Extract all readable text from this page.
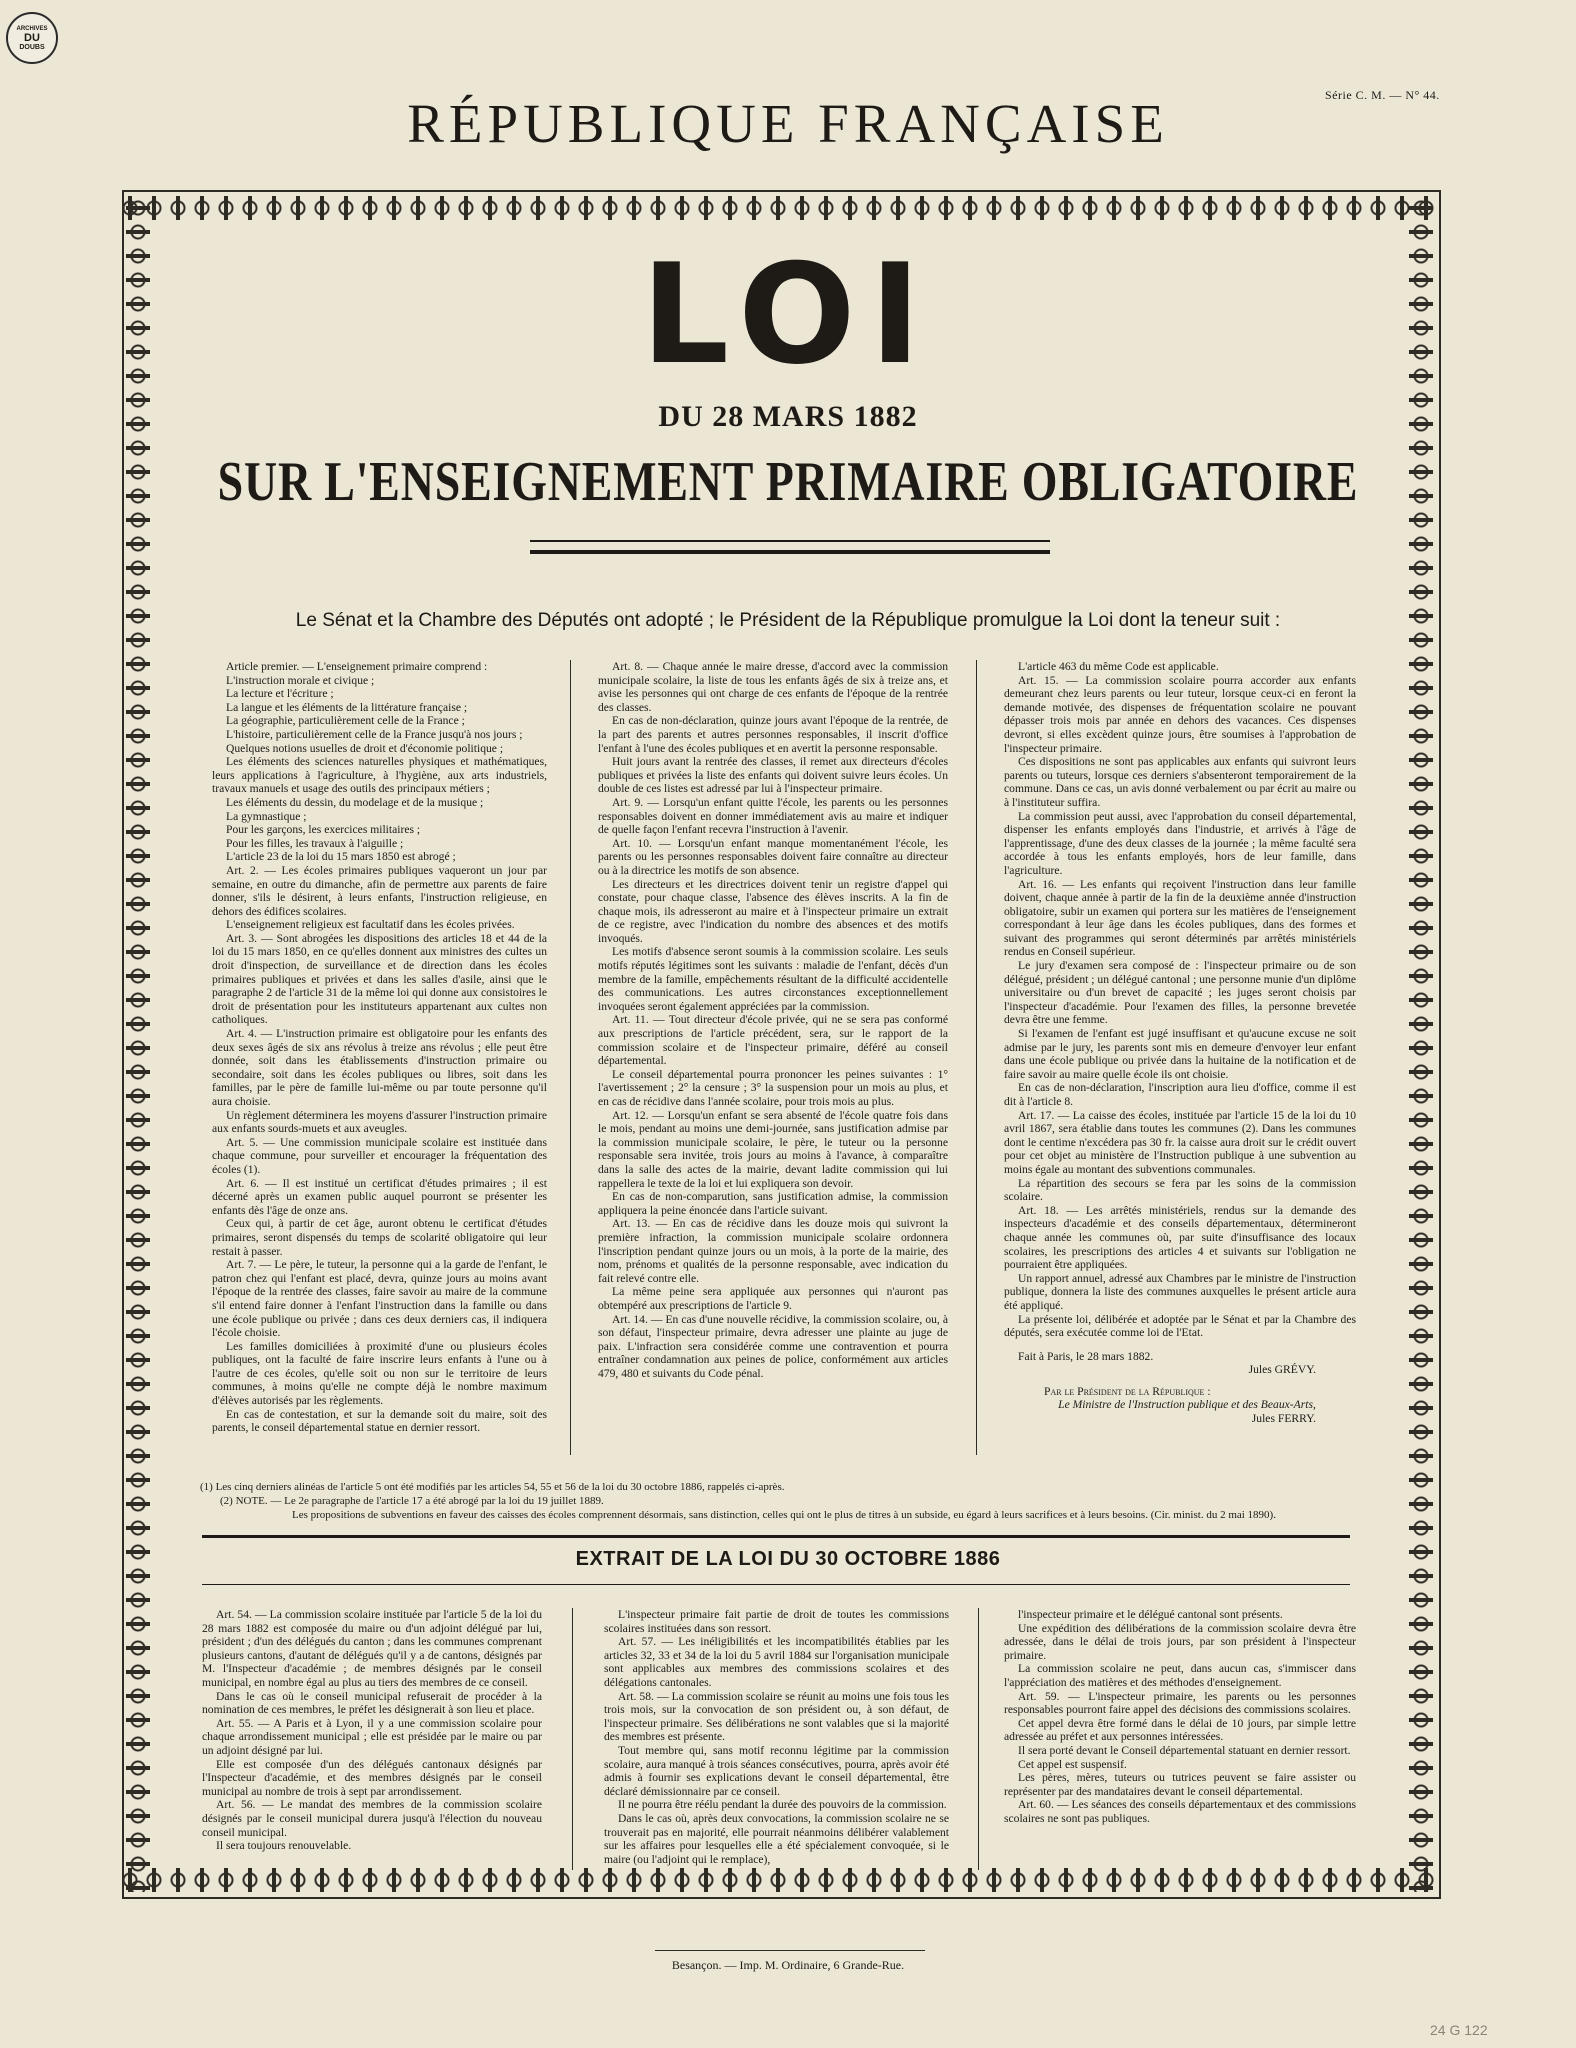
ARCHIVES
DU
DOUBS
Série C. M. — N° 44.
RÉPUBLIQUE FRANÇAISE
LOI
DU 28 MARS 1882
SUR L'ENSEIGNEMENT PRIMAIRE OBLIGATOIRE
Le Sénat et la Chambre des Députés ont adopté ; le Président de la République promulgue la Loi dont la teneur suit :

Article premier. — L'enseignement primaire comprend :

L'instruction morale et civique ;

La lecture et l'écriture ;

La langue et les éléments de la littérature française ;

La géographie, particulièrement celle de la France ;

L'histoire, particulièrement celle de la France jusqu'à nos jours ;

Quelques notions usuelles de droit et d'économie politique ;

Les éléments des sciences naturelles physiques et mathématiques, leurs applications à l'agriculture, à l'hygiène, aux arts industriels, travaux manuels et usage des outils des principaux métiers ;

Les éléments du dessin, du modelage et de la musique ;

La gymnastique ;

Pour les garçons, les exercices militaires ;

Pour les filles, les travaux à l'aiguille ;

L'article 23 de la loi du 15 mars 1850 est abrogé ;

Art. 2. — Les écoles primaires publiques vaqueront un jour par semaine, en outre du dimanche, afin de permettre aux parents de faire donner, s'ils le désirent, à leurs enfants, l'instruction religieuse, en dehors des édifices scolaires.

L'enseignement religieux est facultatif dans les écoles privées.

Art. 3. — Sont abrogées les dispositions des articles 18 et 44 de la loi du 15 mars 1850, en ce qu'elles donnent aux ministres des cultes un droit d'inspection, de surveillance et de direction dans les écoles primaires publiques et privées et dans les salles d'asile, ainsi que le paragraphe 2 de l'article 31 de la même loi qui donne aux consistoires le droit de présentation pour les instituteurs appartenant aux cultes non catholiques.

Art. 4. — L'instruction primaire est obligatoire pour les enfants des deux sexes âgés de six ans révolus à treize ans révolus ; elle peut être donnée, soit dans les établissements d'instruction primaire ou secondaire, soit dans les écoles publiques ou libres, soit dans les familles, par le père de famille lui-même ou par toute personne qu'il aura choisie.

Un règlement déterminera les moyens d'assurer l'instruction primaire aux enfants sourds-muets et aux aveugles.

Art. 5. — Une commission municipale scolaire est instituée dans chaque commune, pour surveiller et encourager la fréquentation des écoles (1).

Art. 6. — Il est institué un certificat d'études primaires ; il est décerné après un examen public auquel pourront se présenter les enfants dès l'âge de onze ans.

Ceux qui, à partir de cet âge, auront obtenu le certificat d'études primaires, seront dispensés du temps de scolarité obligatoire qui leur restait à passer.

Art. 7. — Le père, le tuteur, la personne qui a la garde de l'enfant, le patron chez qui l'enfant est placé, devra, quinze jours au moins avant l'époque de la rentrée des classes, faire savoir au maire de la commune s'il entend faire donner à l'enfant l'instruction dans la famille ou dans une école publique ou privée ; dans ces deux derniers cas, il indiquera l'école choisie.

Les familles domiciliées à proximité d'une ou plusieurs écoles publiques, ont la faculté de faire inscrire leurs enfants à l'une ou à l'autre de ces écoles, qu'elle soit ou non sur le territoire de leurs communes, à moins qu'elle ne compte déjà le nombre maximum d'élèves autorisés par les règlements.

En cas de contestation, et sur la demande soit du maire, soit des parents, le conseil départemental statue en dernier ressort.

Art. 8. — Chaque année le maire dresse, d'accord avec la commission municipale scolaire, la liste de tous les enfants âgés de six à treize ans, et avise les personnes qui ont charge de ces enfants de l'époque de la rentrée des classes.

En cas de non-déclaration, quinze jours avant l'époque de la rentrée, de la part des parents et autres personnes responsables, il inscrit d'office l'enfant à l'une des écoles publiques et en avertit la personne responsable.

Huit jours avant la rentrée des classes, il remet aux directeurs d'écoles publiques et privées la liste des enfants qui doivent suivre leurs écoles. Un double de ces listes est adressé par lui à l'inspecteur primaire.

Art. 9. — Lorsqu'un enfant quitte l'école, les parents ou les personnes responsables doivent en donner immédiatement avis au maire et indiquer de quelle façon l'enfant recevra l'instruction à l'avenir.

Art. 10. — Lorsqu'un enfant manque momentanément l'école, les parents ou les personnes responsables doivent faire connaître au directeur ou à la directrice les motifs de son absence.

Les directeurs et les directrices doivent tenir un registre d'appel qui constate, pour chaque classe, l'absence des élèves inscrits. A la fin de chaque mois, ils adresseront au maire et à l'inspecteur primaire un extrait de ce registre, avec l'indication du nombre des absences et des motifs invoqués.

Les motifs d'absence seront soumis à la commission scolaire. Les seuls motifs réputés légitimes sont les suivants : maladie de l'enfant, décès d'un membre de la famille, empêchements résultant de la difficulté accidentelle des communications. Les autres circonstances exceptionnellement invoquées seront également appréciées par la commission.

Art. 11. — Tout directeur d'école privée, qui ne se sera pas conformé aux prescriptions de l'article précédent, sera, sur le rapport de la commission scolaire et de l'inspecteur primaire, déféré au conseil départemental.

Le conseil départemental pourra prononcer les peines suivantes : 1° l'avertissement ; 2° la censure ; 3° la suspension pour un mois au plus, et en cas de récidive dans l'année scolaire, pour trois mois au plus.

Art. 12. — Lorsqu'un enfant se sera absenté de l'école quatre fois dans le mois, pendant au moins une demi-journée, sans justification admise par la commission municipale scolaire, le père, le tuteur ou la personne responsable sera invitée, trois jours au moins à l'avance, à comparaître dans la salle des actes de la mairie, devant ladite commission qui lui rappellera le texte de la loi et lui expliquera son devoir.

En cas de non-comparution, sans justification admise, la commission appliquera la peine énoncée dans l'article suivant.

Art. 13. — En cas de récidive dans les douze mois qui suivront la première infraction, la commission municipale scolaire ordonnera l'inscription pendant quinze jours ou un mois, à la porte de la mairie, des nom, prénoms et qualités de la personne responsable, avec indication du fait relevé contre elle.

La même peine sera appliquée aux personnes qui n'auront pas obtempéré aux prescriptions de l'article 9.

Art. 14. — En cas d'une nouvelle récidive, la commission scolaire, ou, à son défaut, l'inspecteur primaire, devra adresser une plainte au juge de paix. L'infraction sera considérée comme une contravention et pourra entraîner condamnation aux peines de police, conformément aux articles 479, 480 et suivants du Code pénal.

L'article 463 du même Code est applicable.

Art. 15. — La commission scolaire pourra accorder aux enfants demeurant chez leurs parents ou leur tuteur, lorsque ceux-ci en feront la demande motivée, des dispenses de fréquentation scolaire ne pouvant dépasser trois mois par année en dehors des vacances. Ces dispenses devront, si elles excèdent quinze jours, être soumises à l'approbation de l'inspecteur primaire.

Ces dispositions ne sont pas applicables aux enfants qui suivront leurs parents ou tuteurs, lorsque ces derniers s'absenteront temporairement de la commune. Dans ce cas, un avis donné verbalement ou par écrit au maire ou à l'instituteur suffira.

La commission peut aussi, avec l'approbation du conseil départemental, dispenser les enfants employés dans l'industrie, et arrivés à l'âge de l'apprentissage, d'une des deux classes de la journée ; la même faculté sera accordée à tous les enfants employés, hors de leur famille, dans l'agriculture.

Art. 16. — Les enfants qui reçoivent l'instruction dans leur famille doivent, chaque année à partir de la fin de la deuxième année d'instruction obligatoire, subir un examen qui portera sur les matières de l'enseignement correspondant à leur âge dans les écoles publiques, dans des formes et suivant des programmes qui seront déterminés par arrêtés ministériels rendus en Conseil supérieur.

Le jury d'examen sera composé de : l'inspecteur primaire ou de son délégué, président ; un délégué cantonal ; une personne munie d'un diplôme universitaire ou d'un brevet de capacité ; les juges seront choisis par l'inspecteur d'académie. Pour l'examen des filles, la personne brevetée devra être une femme.

Si l'examen de l'enfant est jugé insuffisant et qu'aucune excuse ne soit admise par le jury, les parents sont mis en demeure d'envoyer leur enfant dans une école publique ou privée dans la huitaine de la notification et de faire savoir au maire quelle école ils ont choisie.

En cas de non-déclaration, l'inscription aura lieu d'office, comme il est dit à l'article 8.

Art. 17. — La caisse des écoles, instituée par l'article 15 de la loi du 10 avril 1867, sera établie dans toutes les communes (2). Dans les communes dont le centime n'excédera pas 30 fr. la caisse aura droit sur le crédit ouvert pour cet objet au ministère de l'Instruction publique à une subvention au moins égale au montant des subventions communales.

La répartition des secours se fera par les soins de la commission scolaire.

Art. 18. — Les arrêtés ministériels, rendus sur la demande des inspecteurs d'académie et des conseils départementaux, détermineront chaque année les communes où, par suite d'insuffisance des locaux scolaires, les prescriptions des articles 4 et suivants sur l'obligation ne pourraient être appliquées.

Un rapport annuel, adressé aux Chambres par le ministre de l'instruction publique, donnera la liste des communes auxquelles le présent article aura été appliqué.

La présente loi, délibérée et adoptée par le Sénat et par la Chambre des députés, sera exécutée comme loi de l'Etat.

Fait à Paris, le 28 mars 1882.

Jules GRÉVY.

Par le Président de la République :

Le Ministre de l'Instruction publique et des Beaux-Arts,

Jules FERRY.

(1) Les cinq derniers alinéas de l'article 5 ont été modifiés par les articles 54, 55 et 56 de la loi du 30 octobre 1886, rappelés ci-après.

(2) NOTE. — Le 2e paragraphe de l'article 17 a été abrogé par la loi du 19 juillet 1889.

Les propositions de subventions en faveur des caisses des écoles comprennent désormais, sans distinction, celles qui ont le plus de titres à un subside, eu égard à leurs sacrifices et à leurs besoins. (Cir. minist. du 2 mai 1890).

EXTRAIT DE LA LOI DU 30 OCTOBRE 1886

Art. 54. — La commission scolaire instituée par l'article 5 de la loi du 28 mars 1882 est composée du maire ou d'un adjoint délégué par lui, président ; d'un des délégués du canton ; dans les communes comprenant plusieurs cantons, d'autant de délégués qu'il y a de cantons, désignés par M. l'Inspecteur d'académie ; de membres désignés par le conseil municipal, en nombre égal au plus au tiers des membres de ce conseil.

Dans le cas où le conseil municipal refuserait de procéder à la nomination de ces membres, le préfet les désignerait à son lieu et place.

Art. 55. — A Paris et à Lyon, il y a une commission scolaire pour chaque arrondissement municipal ; elle est présidée par le maire ou par un adjoint désigné par lui.

Elle est composée d'un des délégués cantonaux désignés par l'Inspecteur d'académie, et des membres désignés par le conseil municipal au nombre de trois à sept par arrondissement.

Art. 56. — Le mandat des membres de la commission scolaire désignés par le conseil municipal durera jusqu'à l'élection du nouveau conseil municipal.

Il sera toujours renouvelable.

L'inspecteur primaire fait partie de droit de toutes les commissions scolaires instituées dans son ressort.

Art. 57. — Les inéligibilités et les incompatibilités établies par les articles 32, 33 et 34 de la loi du 5 avril 1884 sur l'organisation municipale sont applicables aux membres des commissions scolaires et des délégations cantonales.

Art. 58. — La commission scolaire se réunit au moins une fois tous les trois mois, sur la convocation de son président ou, à son défaut, de l'inspecteur primaire. Ses délibérations ne sont valables que si la majorité des membres est présente.

Tout membre qui, sans motif reconnu légitime par la commission scolaire, aura manqué à trois séances consécutives, pourra, après avoir été admis à fournir ses explications devant le conseil départemental, être déclaré démissionnaire par ce conseil.

Il ne pourra être réélu pendant la durée des pouvoirs de la commission.

Dans le cas où, après deux convocations, la commission scolaire ne se trouverait pas en majorité, elle pourrait néanmoins délibérer valablement sur les affaires pour lesquelles elle a été spécialement convoquée, si le maire (ou l'adjoint qui le remplace),

l'inspecteur primaire et le délégué cantonal sont présents.

Une expédition des délibérations de la commission scolaire devra être adressée, dans le délai de trois jours, par son président à l'inspecteur primaire.

La commission scolaire ne peut, dans aucun cas, s'immiscer dans l'appréciation des matières et des méthodes d'enseignement.

Art. 59. — L'inspecteur primaire, les parents ou les personnes responsables pourront faire appel des décisions des commissions scolaires.

Cet appel devra être formé dans le délai de 10 jours, par simple lettre adressée au préfet et aux personnes intéressées.

Il sera porté devant le Conseil départemental statuant en dernier ressort.

Cet appel est suspensif.

Les pères, mères, tuteurs ou tutrices peuvent se faire assister ou représenter par des mandataires devant le conseil départemental.

Art. 60. — Les séances des conseils départementaux et des commissions scolaires ne sont pas publiques.

Besançon. — Imp. M. Ordinaire, 6 Grande-Rue.
24 G 122
